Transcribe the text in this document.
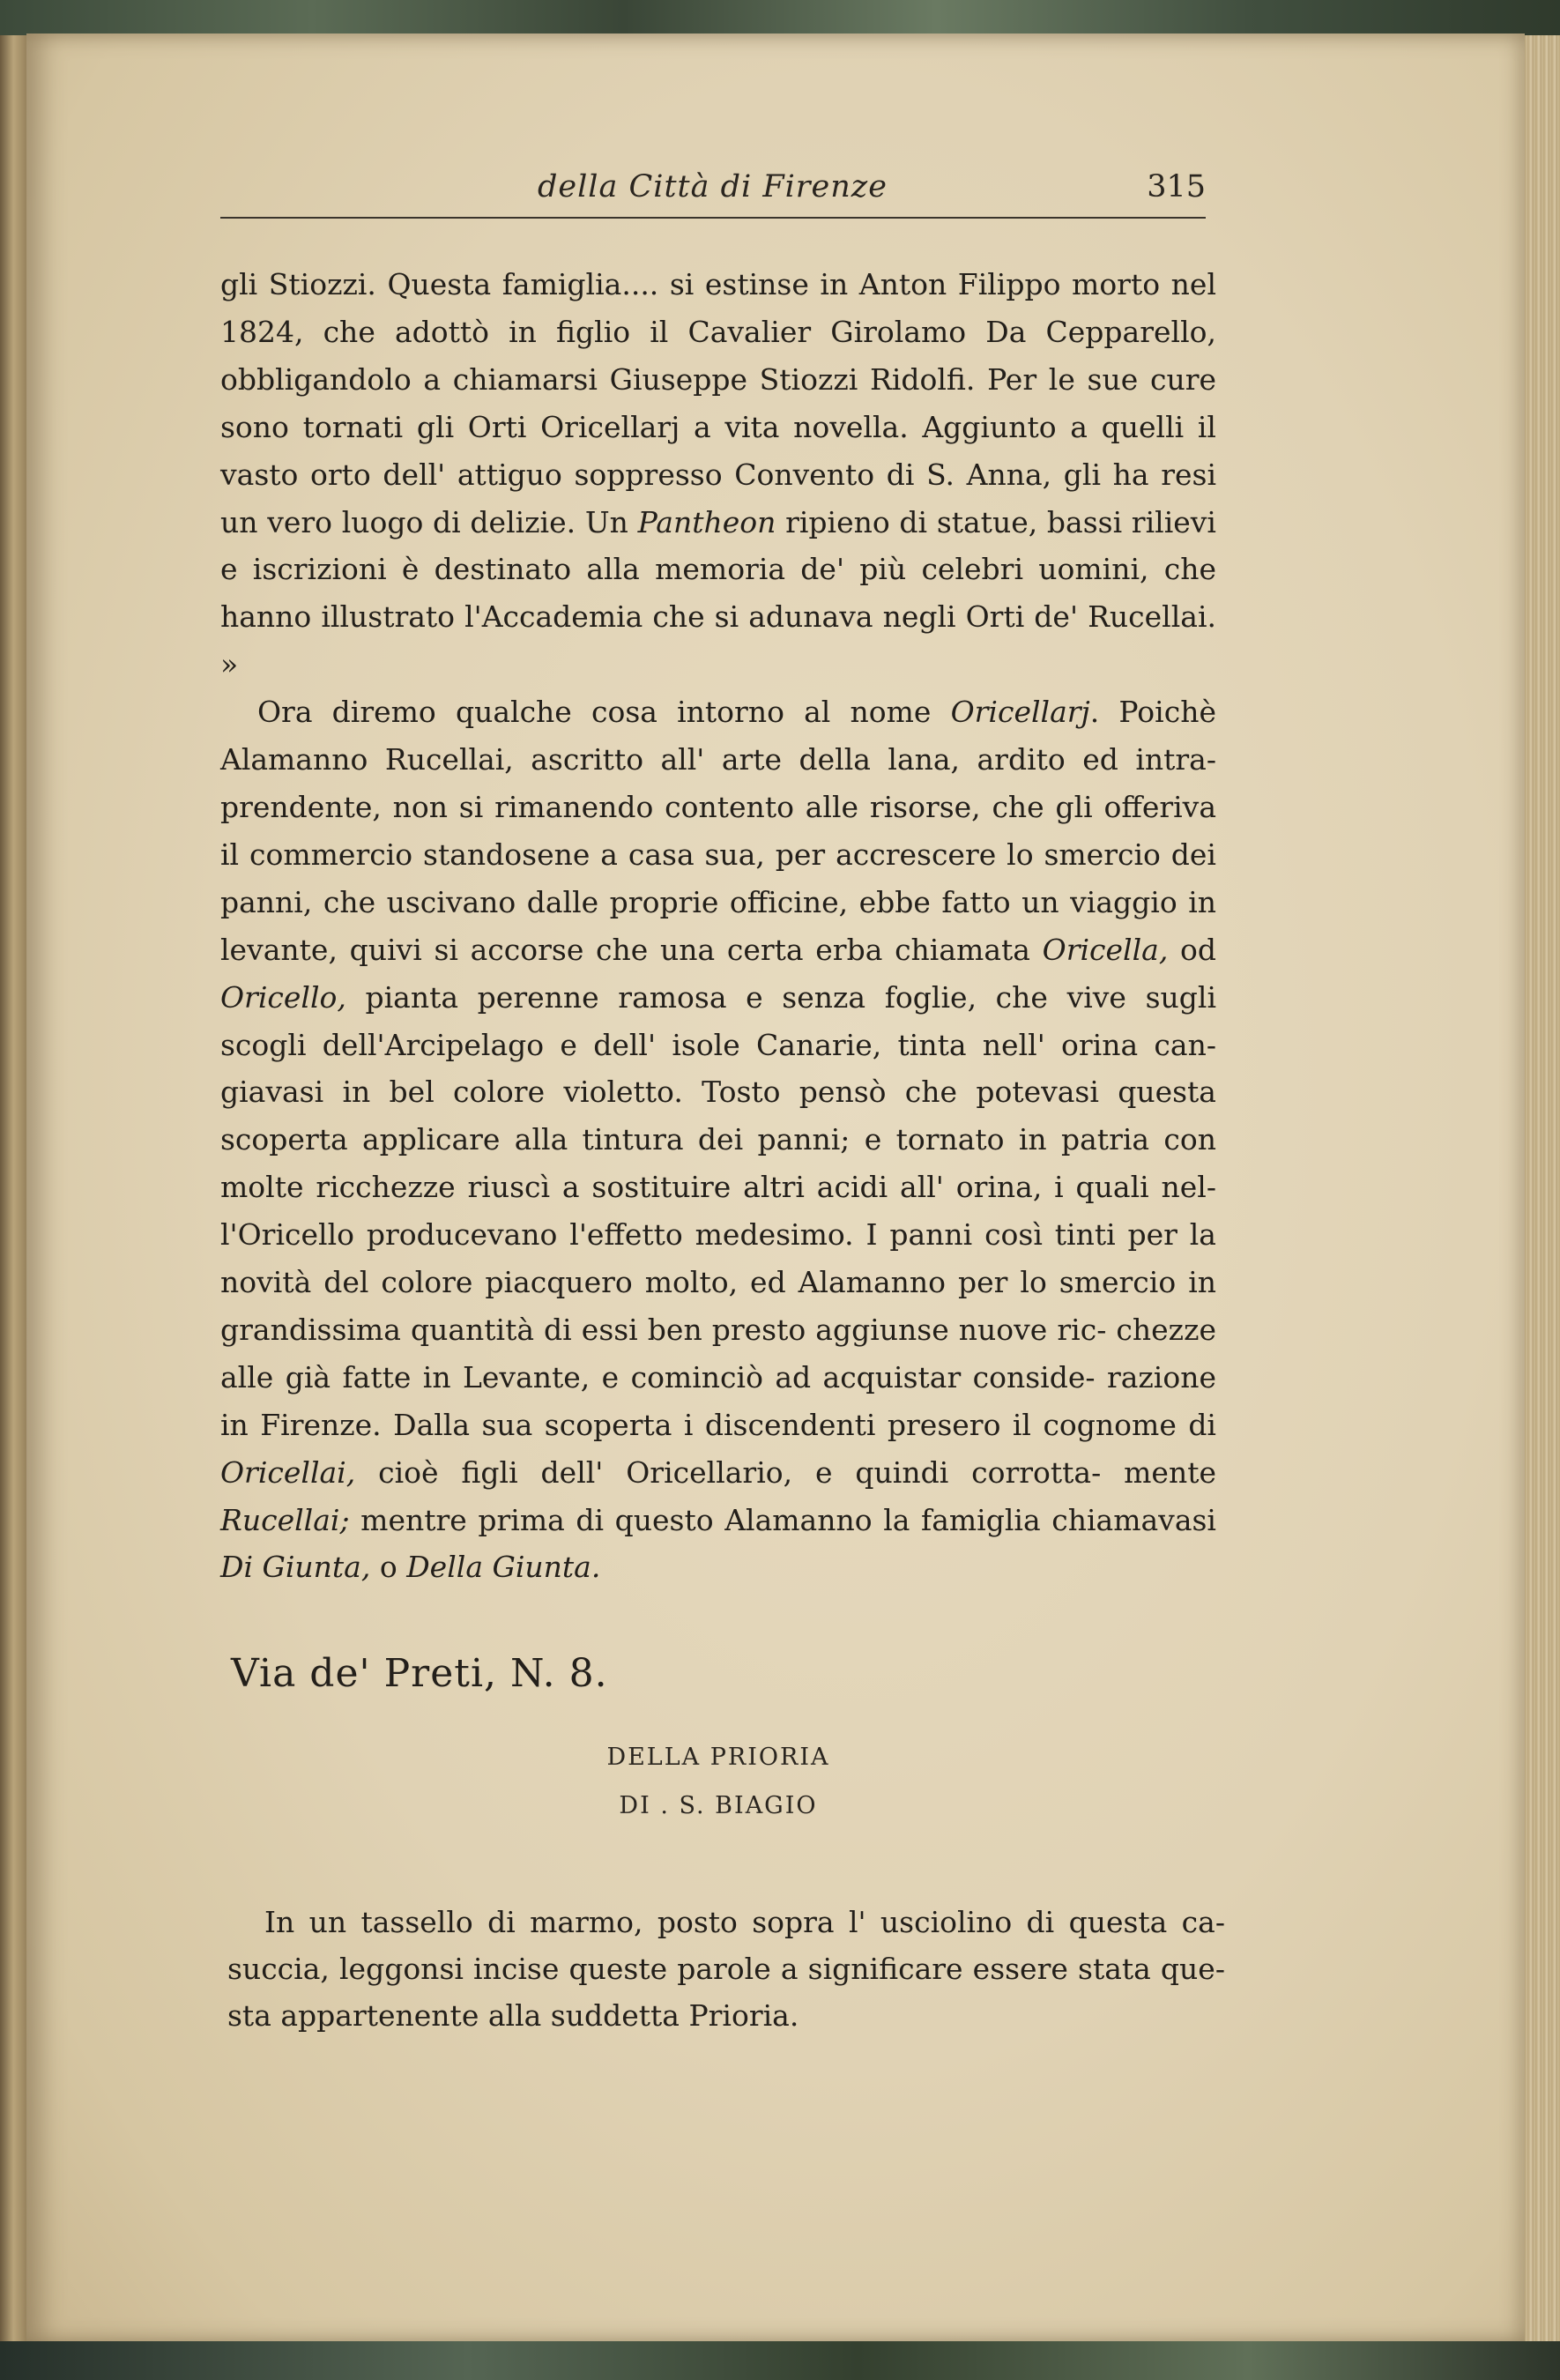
della Città di Firenze	315

gli Stiozzi. Questa famiglia.... si estinse in Anton Filippo morto nel 1824, che adottò in figlio il Cavalier Girolamo Da Cepparello, obbligandolo a chiamarsi Giuseppe Stiozzi Ridolfi. Per le sue cure sono tornati gli Orti Oricellarj a vita novella. Aggiunto a quelli il vasto orto dell' attiguo soppresso Convento di S. Anna, gli ha resi un vero luogo di delizie. Un Pantheon ripieno di statue, bassi rilievi e iscrizioni è destinato alla memoria de' più celebri uomini, che hanno illustrato l'Accademia che si adunava negli Orti de' Rucellai. »

Ora diremo qualche cosa intorno al nome Oricellarj. Poichè Alamanno Rucellai, ascritto all' arte della lana, ardito ed intra- prendente, non si rimanendo contento alle risorse, che gli offeriva il commercio standosene a casa sua, per accrescere lo smercio dei panni, che uscivano dalle proprie officine, ebbe fatto un viaggio in levante, quivi si accorse che una certa erba chiamata Oricella, od Oricello, pianta perenne ramosa e senza foglie, che vive sugli scogli dell'Arcipelago e dell' isole Canarie, tinta nell' orina can- giavasi in bel colore violetto. Tosto pensò che potevasi questa scoperta applicare alla tintura dei panni; e tornato in patria con molte ricchezze riuscì a sostituire altri acidi all' orina, i quali nel- l'Oricello producevano l'effetto medesimo. I panni così tinti per la novità del colore piacquero molto, ed Alamanno per lo smercio in grandissima quantità di essi ben presto aggiunse nuove ric- chezze alle già fatte in Levante, e cominciò ad acquistar conside- razione in Firenze. Dalla sua scoperta i discendenti presero il cognome di Oricellai, cioè figli dell' Oricellario, e quindi corrotta- mente Rucellai; mentre prima di questo Alamanno la famiglia chiamavasi Di Giunta, o Della Giunta.

Via de' Preti, N. 8.
DELLA PRIORIA
DI . S. BIAGIO

In un tassello di marmo, posto sopra l' usciolino di questa ca- succia, leggonsi incise queste parole a significare essere stata que- sta appartenente alla suddetta Prioria.
